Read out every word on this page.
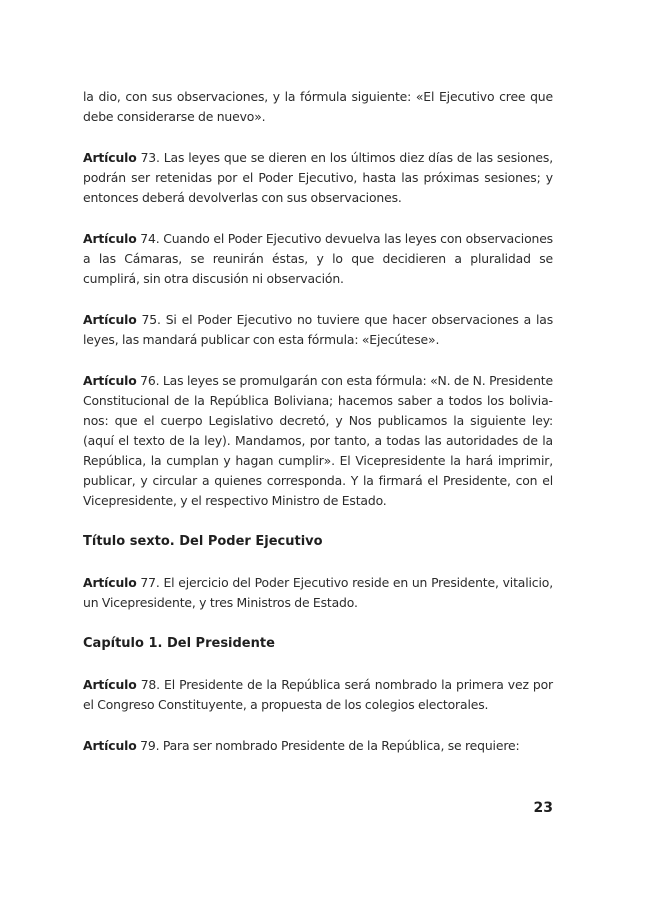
la dio, con sus observaciones, y la fórmula siguiente: «El Ejecutivo cree que debe considerarse de nuevo».

Artículo 73. Las leyes que se dieren en los últimos diez días de las sesiones, podrán ser retenidas por el Poder Ejecutivo, hasta las próximas sesiones; y entonces deberá devolverlas con sus observaciones.

Artículo 74. Cuando el Poder Ejecutivo devuelva las leyes con observaciones a las Cámaras, se reunirán éstas, y lo que decidieren a pluralidad se cumplirá, sin otra discusión ni observación.

Artículo 75. Si el Poder Ejecutivo no tuviere que hacer observaciones a las leyes, las mandará publicar con esta fórmula: «Ejecútese».

Artículo 76. Las leyes se promulgarán con esta fórmula: «N. de N. Presidente Constitucional de la República Boliviana; hacemos saber a todos los bolivianos: que el cuerpo Legislativo decretó, y Nos publicamos la siguiente ley: (aquí el texto de la ley). Mandamos, por tanto, a todas las autoridades de la República, la cumplan y hagan cumplir». El Vicepresidente la hará imprimir, publicar, y circular a quienes corresponda. Y la firmará el Presidente, con el Vicepresidente, y el respectivo Ministro de Estado.

Título sexto. Del Poder Ejecutivo

Artículo 77. El ejercicio del Poder Ejecutivo reside en un Presidente, vitalicio, un Vicepresidente, y tres Ministros de Estado.

Capítulo 1. Del Presidente

Artículo 78. El Presidente de la República será nombrado la primera vez por el Congreso Constituyente, a propuesta de los colegios electorales.

Artículo 79. Para ser nombrado Presidente de la República, se requiere:

23
